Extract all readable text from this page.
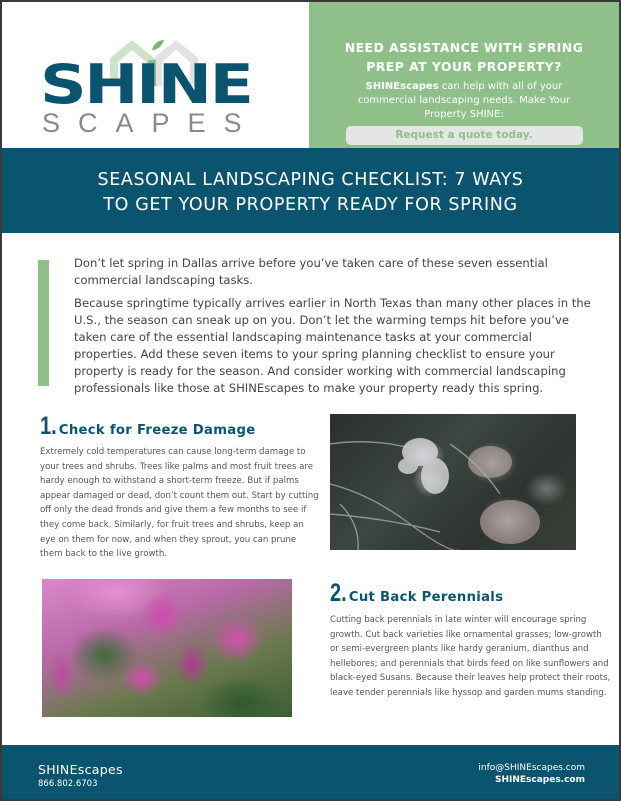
SHINE
SCAPES
NEED ASSISTANCE WITH SPRING
PREP AT YOUR PROPERTY?
SHINEscapes can help with all of your commercial landscaping needs. Make Your Property SHINE:
Request a quote today.
SEASONAL LANDSCAPING CHECKLIST: 7 WAYS
TO GET YOUR PROPERTY READY FOR SPRING

Don’t let spring in Dallas arrive before you’ve taken care of these seven essential commercial landscaping tasks.

Because springtime typically arrives earlier in North Texas than many other places in the U.S., the season can sneak up on you. Don’t let the warming temps hit before you’ve taken care of the essential landscaping maintenance tasks at your commercial properties. Add these seven items to your spring planning checklist to ensure your property is ready for the season. And consider working with commercial landscaping professionals like those at SHINEscapes to make your property ready this spring.

1. Check for Freeze Damage
Extremely cold temperatures can cause long-term damage to your trees and shrubs. Trees like palms and most fruit trees are hardy enough to withstand a short-term freeze. But if palms appear damaged or dead, don’t count them out. Start by cutting off only the dead fronds and give them a few months to see if they come back. Similarly, for fruit trees and shrubs, keep an eye on them for now, and when they sprout, you can prune them back to the live growth.
2. Cut Back Perennials
Cutting back perennials in late winter will encourage spring growth. Cut back varieties like ornamental grasses; low-growth or semi-evergreen plants like hardy geranium, dianthus and hellebores; and perennials that birds feed on like sunflowers and black-eyed Susans. Because their leaves help protect their roots, leave tender perennials like hyssop and garden mums standing.
SHINEscapes
866.802.6703
info@SHINEscapes.com
SHINEscapes.com
